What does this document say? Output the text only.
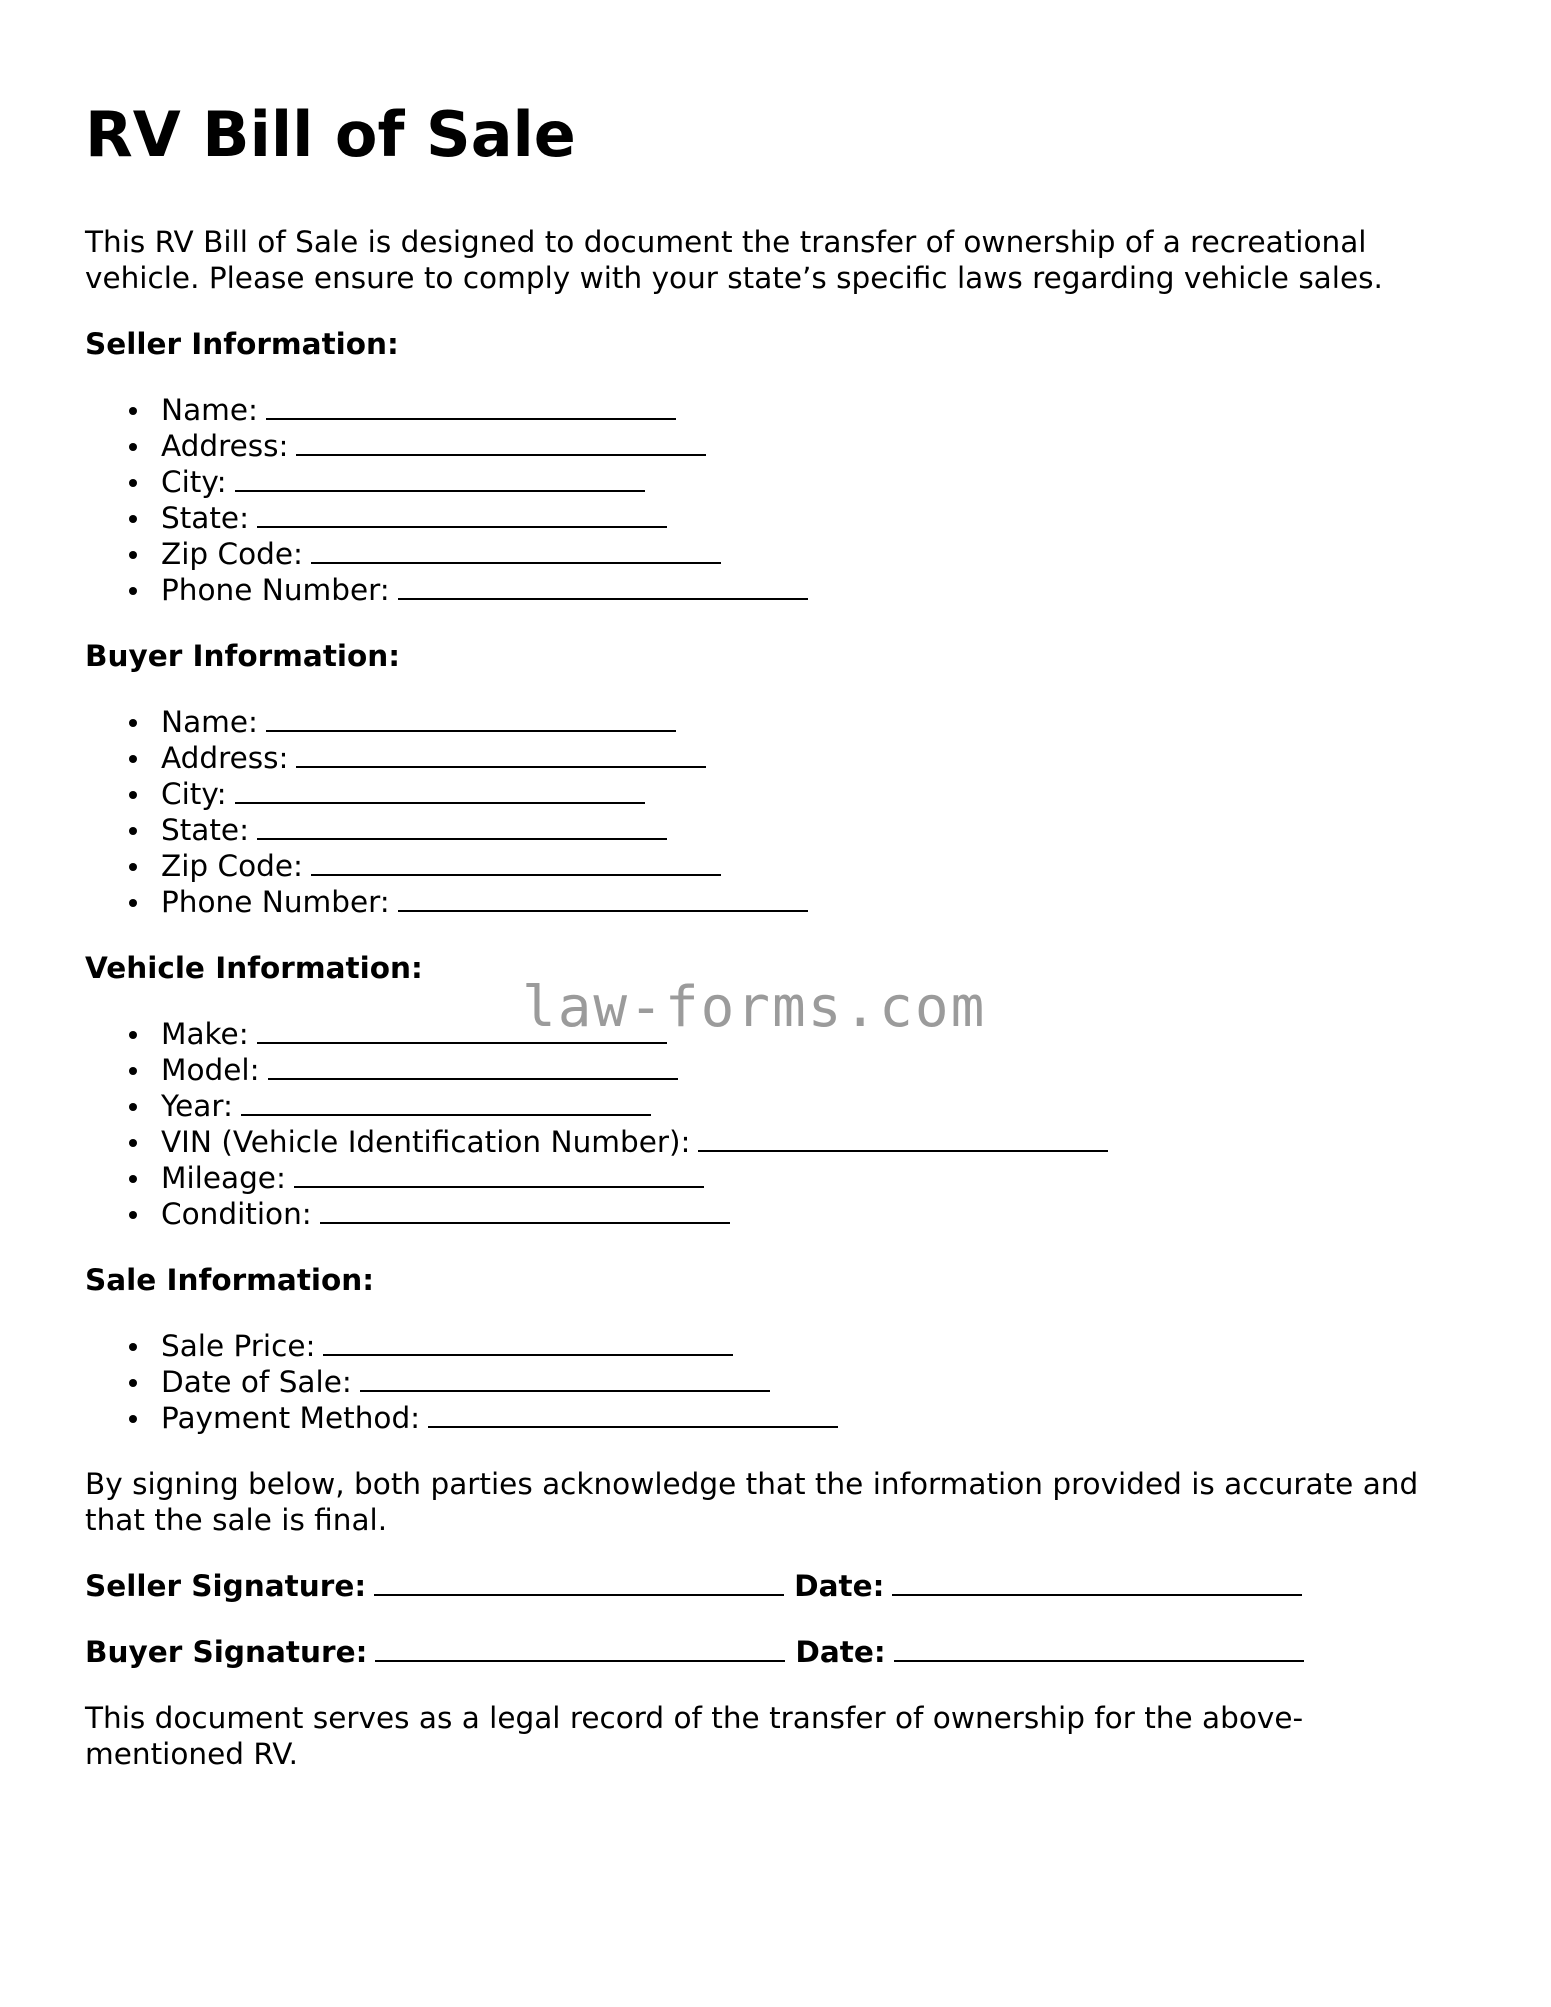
RV Bill of Sale

This RV Bill of Sale is designed to document the transfer of ownership of a recreational
vehicle. Please ensure to comply with your state’s specific laws regarding vehicle sales.

Seller Information:

Name:
Address:
City:
State:
Zip Code:
Phone Number:

Buyer Information:

Name:
Address:
City:
State:
Zip Code:
Phone Number:

Vehicle Information:

Make:
Model:
Year:
VIN (Vehicle Identification Number):
Mileage:
Condition:

Sale Information:

Sale Price:
Date of Sale:
Payment Method:

By signing below, both parties acknowledge that the information provided is accurate and
that the sale is final.

Seller Signature:	Date:

Buyer Signature:	Date:

This document serves as a legal record of the transfer of ownership for the above-
mentioned RV.

law-forms.com
